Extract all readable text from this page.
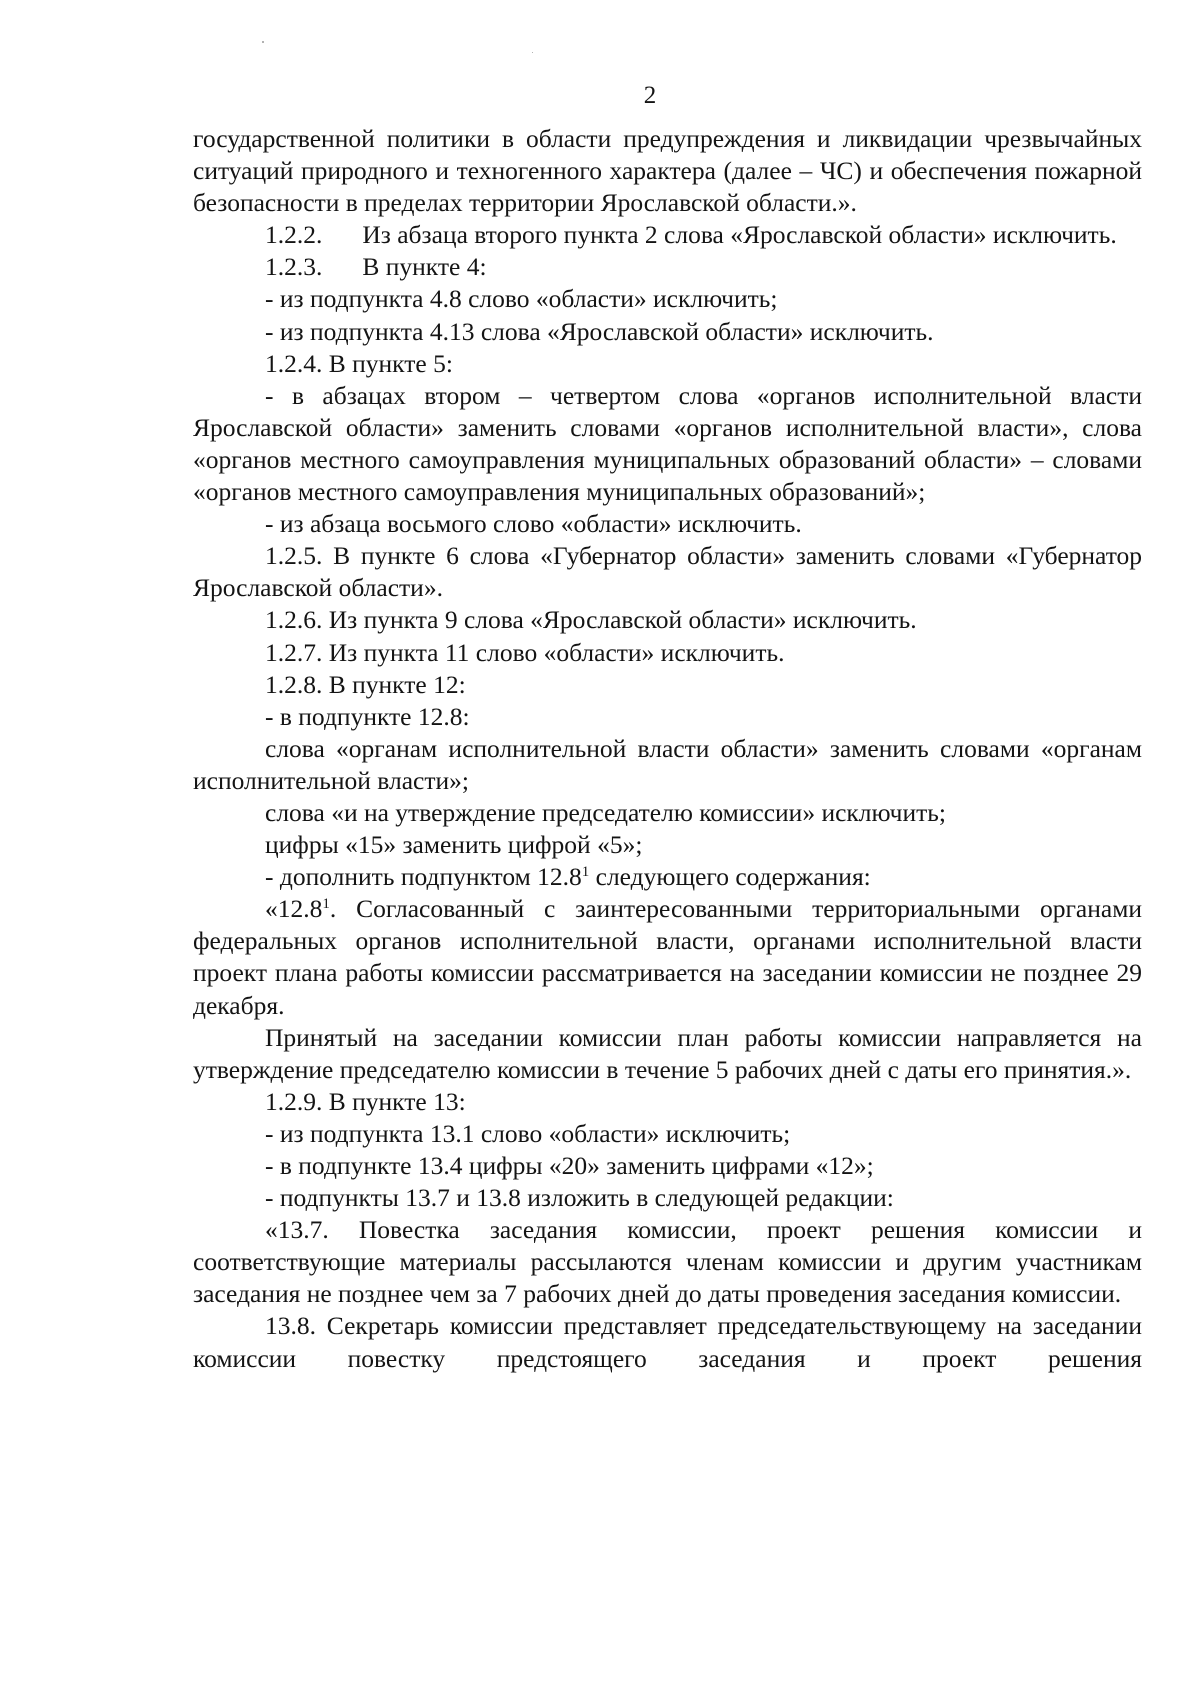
2

государственной политики в области предупреждения и ликвидации чрезвычайных ситуаций природного и техногенного характера (далее – ЧС) и обеспечения пожарной безопасности в пределах территории Ярославской области.».

1.2.2. Из абзаца второго пункта 2 слова «Ярославской области» исключить.

1.2.3. В пункте 4:

- из подпункта 4.8 слово «области» исключить;

- из подпункта 4.13 слова «Ярославской области» исключить.

1.2.4. В пункте 5:

- в абзацах втором – четвертом слова «органов исполнительной власти Ярославской области» заменить словами «органов исполнительной власти», слова «органов местного самоуправления муниципальных образований области» – словами «органов местного самоуправления муниципальных образований»;

- из абзаца восьмого слово «области» исключить.

1.2.5. В пункте 6 слова «Губернатор области» заменить словами «Губернатор Ярославской области».

1.2.6. Из пункта 9 слова «Ярославской области» исключить.

1.2.7. Из пункта 11 слово «области» исключить.

1.2.8. В пункте 12:

- в подпункте 12.8:

слова «органам исполнительной власти области» заменить словами «органам исполнительной власти»;

слова «и на утверждение председателю комиссии» исключить;

цифры «15» заменить цифрой «5»;

- дополнить подпунктом 12.8$^1$ следующего содержания:

«12.8$^1$. Согласованный с заинтересованными территориальными органами федеральных органов исполнительной власти, органами исполнительной власти проект плана работы комиссии рассматривается на заседании комиссии не позднее 29 декабря.

Принятый на заседании комиссии план работы комиссии направляется на утверждение председателю комиссии в течение 5 рабочих дней с даты его принятия.».

1.2.9. В пункте 13:

- из подпункта 13.1 слово «области» исключить;

- в подпункте 13.4 цифры «20» заменить цифрами «12»;

- подпункты 13.7 и 13.8 изложить в следующей редакции:

«13.7. Повестка заседания комиссии, проект решения комиссии и соответствующие материалы рассылаются членам комиссии и другим участникам заседания не позднее чем за 7 рабочих дней до даты проведения заседания комиссии.

13.8. Секретарь комиссии представляет председательствующему на заседании комиссии повестку предстоящего заседания и проект решения
